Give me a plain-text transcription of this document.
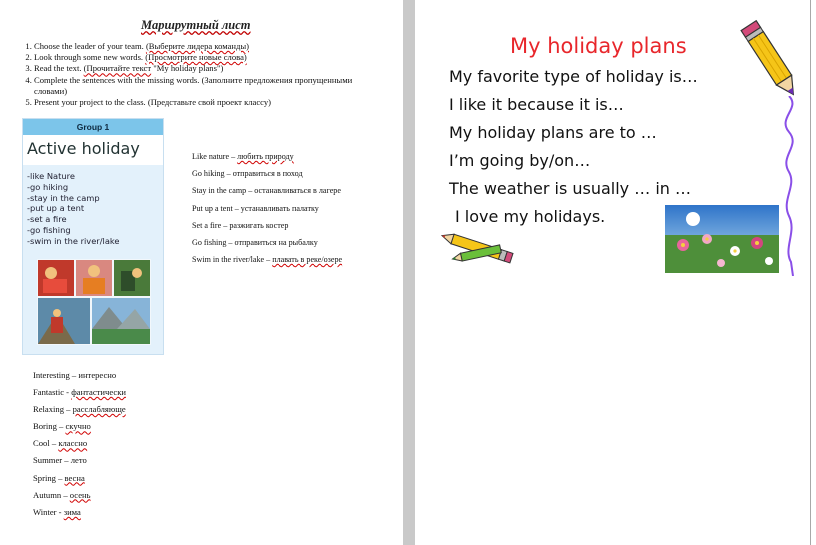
Маршрутный лист
1. Choose the leader of your team. (Выберите лидера команды)
2. Look through some new words. (Просмотрите новые слова)
3. Read the text. (Прочитайте текст "My holiday plans")
4. Complete the sentences with the missing words. (Заполните предложения пропущенными словами)
5. Present your project to the class. (Представьте свой проект классу)
Group 1
Active holiday
-like Nature
-go hiking
-stay in the camp
-put up a tent
-set a fire
-go fishing
-swim in the river/lake
Like nature – любить природу
Go hiking – отправиться в поход
Stay in the camp – останавливаться в лагере
Put up a tent – устанавливать палатку
Set a fire – разжигать костер
Go fishing – отправиться на рыбалку
Swim in the river/lake – плавать в реке/озере
Interesting – интересно
Fantastic - фантастически
Relaxing – расслабляюще
Boring – скучно
Cool – классно
Summer – лето
Spring – весна
Autumn – осень
Winter - зима
My holiday plans
My favorite type of holiday is…
I like it because it is…
My holiday plans are to …
I’m going by/on…
The weather is usually … in …
I love my holidays.
